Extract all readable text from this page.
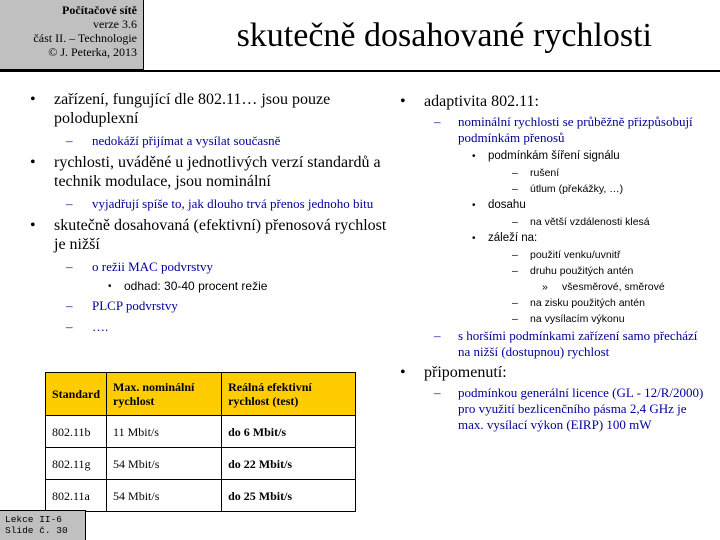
Počítačové sítě
verze 3.6
část II. – Technologie
© J. Peterka, 2013	skutečně dosahované rychlosti
• zařízení, fungující dle 802.11… jsou pouze poloduplexní
– nedokáží přijímat a vysílat současně
• rychlosti, uváděné u jednotlivých verzí standardů a technik modulace, jsou nominální
– vyjadřují spíše to, jak dlouho trvá přenos jednoho bitu
• skutečně dosahovaná (efektivní) přenosová rychlost je nižší
– o režii MAC podvrstvy
• odhad: 30-40 procent režie
– PLCP podvrstvy
– ….
Standard	Max. nominální rychlost	Reálná efektivní rychlost (test)
802.11b	11 Mbit/s	do 6 Mbit/s
802.11g	54 Mbit/s	do 22 Mbit/s
802.11a	54 Mbit/s	do 25 Mbit/s
• adaptivita 802.11:
– nominální rychlosti se průběžně přizpůsobují podmínkám přenosů
• podmínkám šíření signálu
– rušení
– útlum (překážky, …)
• dosahu
– na větší vzdálenosti klesá
• záleží na:
– použití venku/uvnitř
– druhu použitých antén
» všesměrové, směrové
– na zisku použitých antén
– na vysílacím výkonu
– s horšími podmínkami zařízení samo přechází na nižší (dostupnou) rychlost
• připomenutí:
– podmínkou generální licence (GL - 12/R/2000) pro využití bezlicenčního pásma 2,4 GHz je max. vysílací výkon (EIRP) 100 mW
Lekce II-6
Slide č. 30
